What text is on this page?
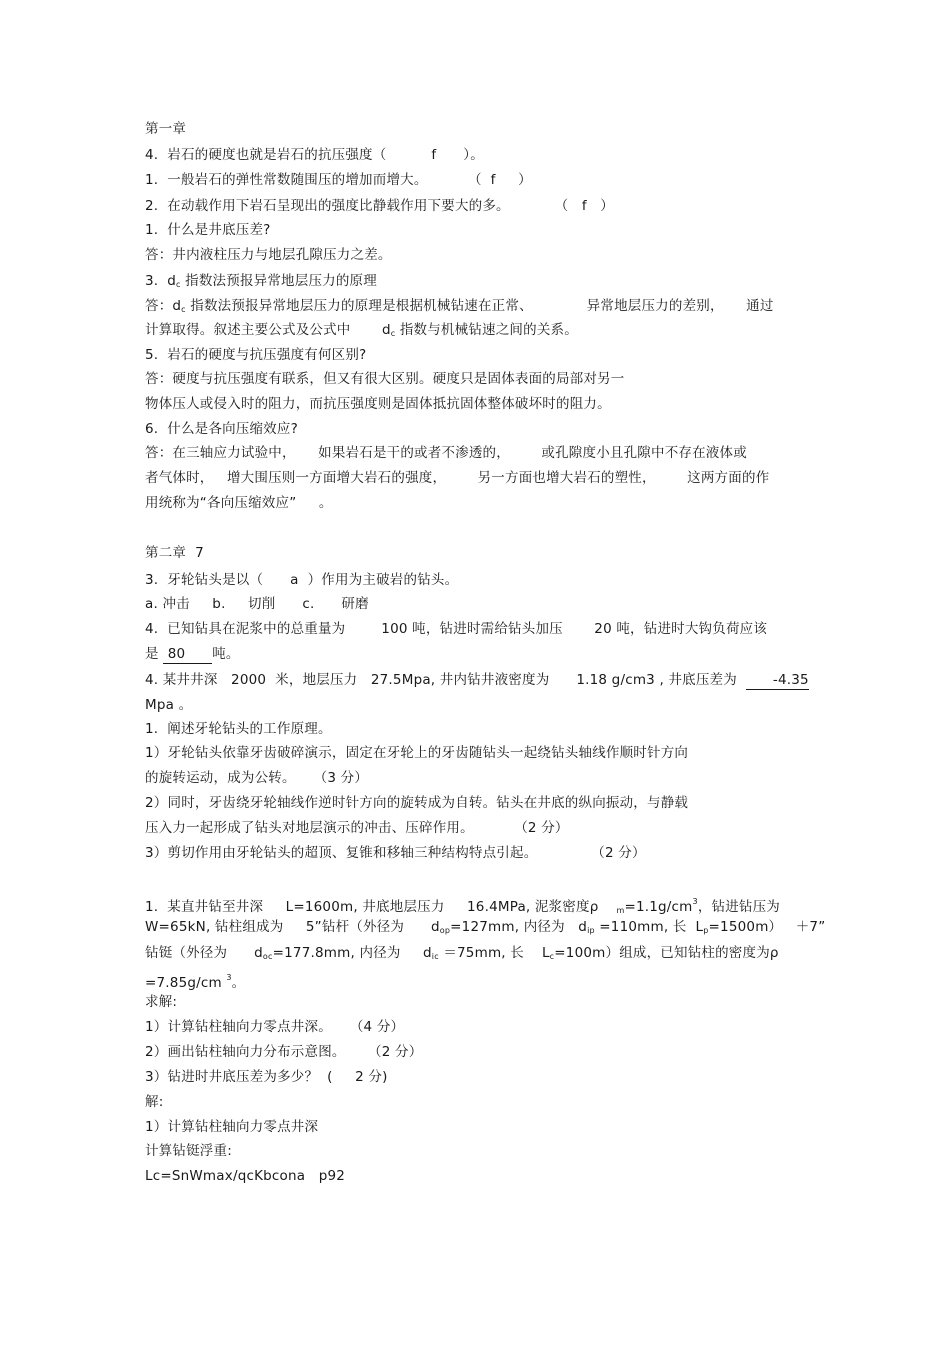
第一章
4.  岩石的硬度也就是岩石的抗压强度（          f      ）。
1.  一般岩石的弹性常数随围压的增加而增大。         （  f     ）
2.  在动载作用下岩石呈现出的强度比静载作用下要大的多。          （   f   ）
1.  什么是井底压差?
答：井内液柱压力与地层孔隙压力之差。
3.  $d_c$ 指数法预报异常地层压力的原理
答：$d_c$ 指数法预报异常地层压力的原理是根据机械钻速在正常、            异常地层压力的差别，     通过
计算取得。叙述主要公式及公式中       $d_c$ 指数与机械钻速之间的关系。
5.  岩石的硬度与抗压强度有何区别?
答：硬度与抗压强度有联系，但又有很大区别。硬度只是固体表面的局部对另一
物体压人或侵入时的阻力，而抗压强度则是固体抵抗固体整体破坏时的阻力。
6.  什么是各向压缩效应?
答：在三轴应力试验中，     如果岩石是干的或者不渗透的，       或孔隙度小且孔隙中不存在液体或
者气体时，   增大围压则一方面增大岩石的强度，       另一方面也增大岩石的塑性，       这两方面的作
用统称为“各向压缩效应”     。
第二章  7
3.  牙轮钻头是以（      a  ）作用为主破岩的钻头。
a. 冲击     b.     切削      c.      研磨
4.  已知钻具在泥浆中的总重量为        100 吨，钻进时需给钻头加压       20 吨，钻进时大钩负荷应该
是  80      吨。
4. 某井井深   2000  米，地层压力   27.5Mpa, 井内钻井液密度为      1.18 g/cm3 , 井底压差为        -4.35
Mpa 。
1.  阐述牙轮钻头的工作原理。
1）牙轮钻头依靠牙齿破碎演示，固定在牙轮上的牙齿随钻头一起绕钻头轴线作顺时针方向
的旋转运动，成为公转。    （3 分）
2）同时，牙齿绕牙轮轴线作逆时针方向的旋转成为自转。钻头在井底的纵向振动，与静载
压入力一起形成了钻头对地层演示的冲击、压碎作用。         （2 分）
3）剪切作用由牙轮钻头的超顶、复锥和移轴三种结构特点引起。            （2 分）
1.  某直井钻至井深     L=1600m, 井底地层压力     16.4MPa, 泥浆密度ρ    $_m=1.1g/cm^3$，钻进钻压为
W=65kN, 钻柱组成为     5”钻杆（外径为      $d_{op}=127mm$, 内径为   $d_{ip} =110mm$, 长  $L_p=1500m) +7$”
钻铤（外径为      $d_{oc}=177.8mm$, 内径为     $d_{ic} =75mm$, 长    $L_c=100m$）组成，已知钻柱的密度为ρ
=7.85g/cm $^3$。
求解:
1）计算钻柱轴向力零点井深。    （4 分）
2）画出钻柱轴向力分布示意图。     （2 分）
3）钻进时井底压差为多少？  (     2 分)
解:
1）计算钻柱轴向力零点井深
计算钻铤浮重:
Lc=SnWmax/qcKbcona   p92
